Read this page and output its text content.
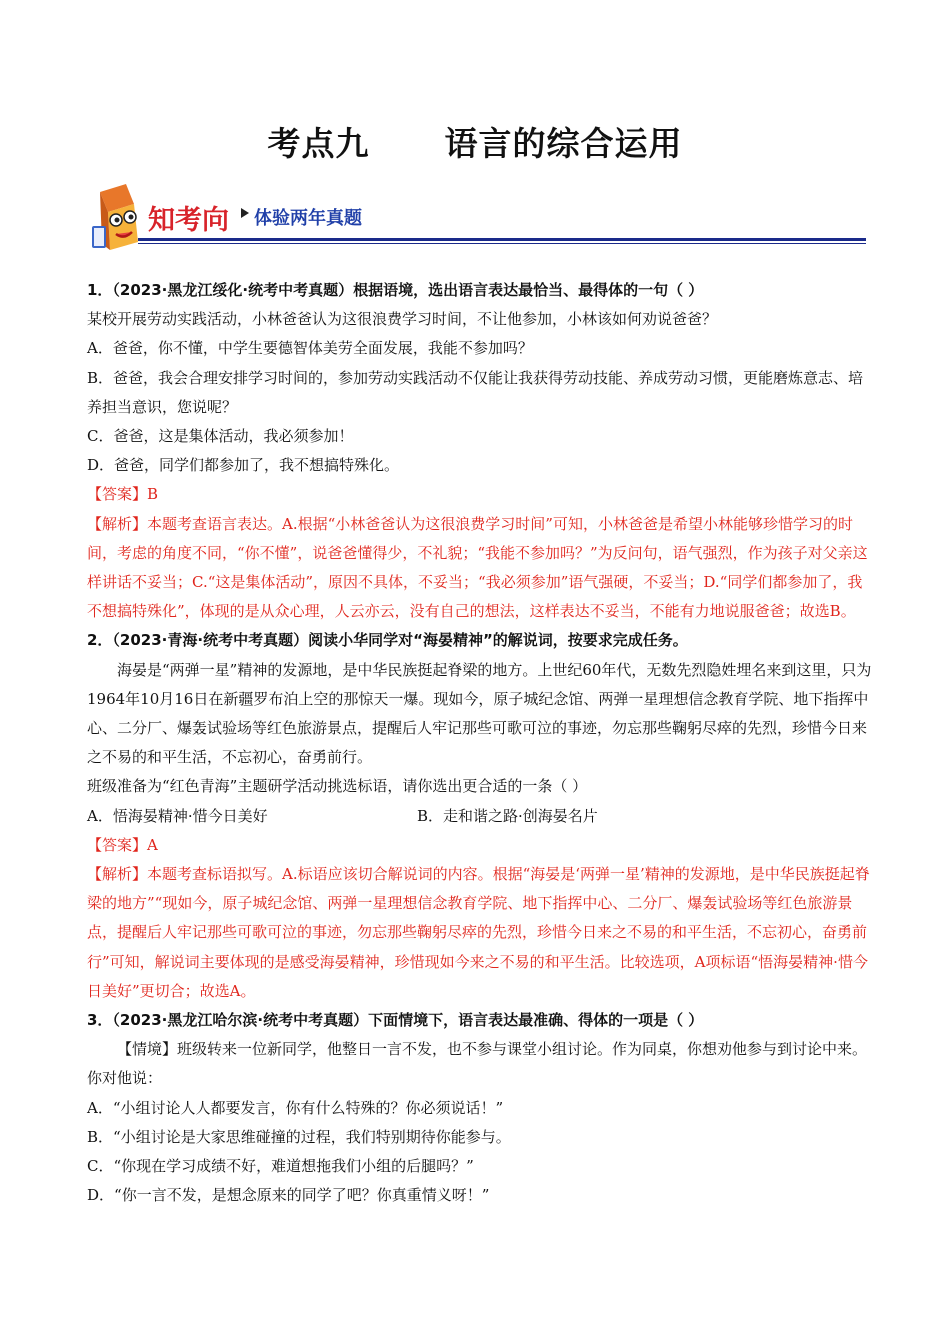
考点九      语言的综合运用
知考向 体验两年真题

1．（2023·黑龙江绥化·统考中考真题）根据语境，选出语言表达最恰当、最得体的一句（ ）

某校开展劳动实践活动，小林爸爸认为这很浪费学习时间，不让他参加，小林该如何劝说爸爸？

A．爸爸，你不懂，中学生要德智体美劳全面发展，我能不参加吗？

B．爸爸，我会合理安排学习时间的，参加劳动实践活动不仅能让我获得劳动技能、养成劳动习惯，更能磨炼意志、培养担当意识，您说呢？

C．爸爸，这是集体活动，我必须参加！

D．爸爸，同学们都参加了，我不想搞特殊化。

【答案】B

【解析】本题考查语言表达。A.根据“小林爸爸认为这很浪费学习时间”可知，小林爸爸是希望小林能够珍惜学习的时间，考虑的角度不同，“你不懂”，说爸爸懂得少，不礼貌；“我能不参加吗？”为反问句，语气强烈，作为孩子对父亲这样讲话不妥当；C.“这是集体活动”，原因不具体，不妥当；“我必须参加”语气强硬，不妥当；D.“同学们都参加了，我不想搞特殊化”，体现的是从众心理，人云亦云，没有自己的想法，这样表达不妥当，不能有力地说服爸爸；故选B。

2．（2023·青海·统考中考真题）阅读小华同学对“海晏精神”的解说词，按要求完成任务。

海晏是“两弹一星”精神的发源地，是中华民族挺起脊梁的地方。上世纪60年代，无数先烈隐姓埋名来到这里，只为1964年10月16日在新疆罗布泊上空的那惊天一爆。现如今，原子城纪念馆、两弹一星理想信念教育学院、地下指挥中心、二分厂、爆轰试验场等红色旅游景点，提醒后人牢记那些可歌可泣的事迹，勿忘那些鞠躬尽瘁的先烈，珍惜今日来之不易的和平生活，不忘初心，奋勇前行。

班级准备为“红色青海”主题研学活动挑选标语，请你选出更合适的一条（ ）

A．悟海晏精神·惜今日美好	B．走和谐之路·创海晏名片

【答案】A

【解析】本题考查标语拟写。A.标语应该切合解说词的内容。根据“海晏是‘两弹一星’精神的发源地，是中华民族挺起脊梁的地方”“现如今，原子城纪念馆、两弹一星理想信念教育学院、地下指挥中心、二分厂、爆轰试验场等红色旅游景点，提醒后人牢记那些可歌可泣的事迹，勿忘那些鞠躬尽瘁的先烈，珍惜今日来之不易的和平生活，不忘初心，奋勇前行”可知，解说词主要体现的是感受海晏精神，珍惜现如今来之不易的和平生活。比较选项，A项标语“悟海晏精神·惜今日美好”更切合；故选A。

3．（2023·黑龙江哈尔滨·统考中考真题）下面情境下，语言表达最准确、得体的一项是（ ）

【情境】班级转来一位新同学，他整日一言不发，也不参与课堂小组讨论。作为同桌，你想劝他参与到讨论中来。你对他说：

A．“小组讨论人人都要发言，你有什么特殊的？你必须说话！”

B．“小组讨论是大家思维碰撞的过程，我们特别期待你能参与。

C．“你现在学习成绩不好，难道想拖我们小组的后腿吗？”

D．“你一言不发，是想念原来的同学了吧？你真重情义呀！”
